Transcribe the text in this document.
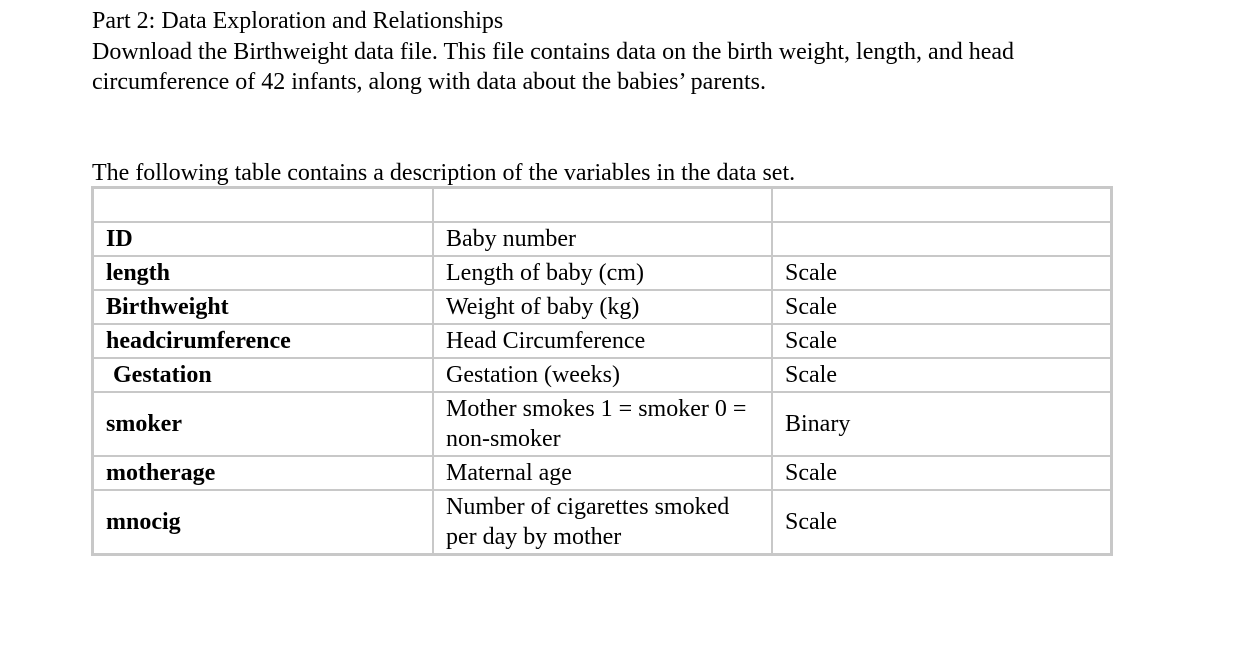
Part 2: Data Exploration and Relationships
Download the Birthweight data file. This file contains data on the birth weight, length, and head circumference of 42 infants, along with data about the babies’ parents.
The following table contains a description of the variables in the data set.

ID	Baby number	
length	Length of baby (cm)	Scale
Birthweight	Weight of baby (kg)	Scale
headcirumference	Head Circumference	Scale
Gestation	Gestation (weeks)	Scale
smoker	Mother smokes 1 = smoker 0 = non-smoker	Binary
motherage	Maternal age	Scale
mnocig	Number of cigarettes smoked per day by mother	Scale
